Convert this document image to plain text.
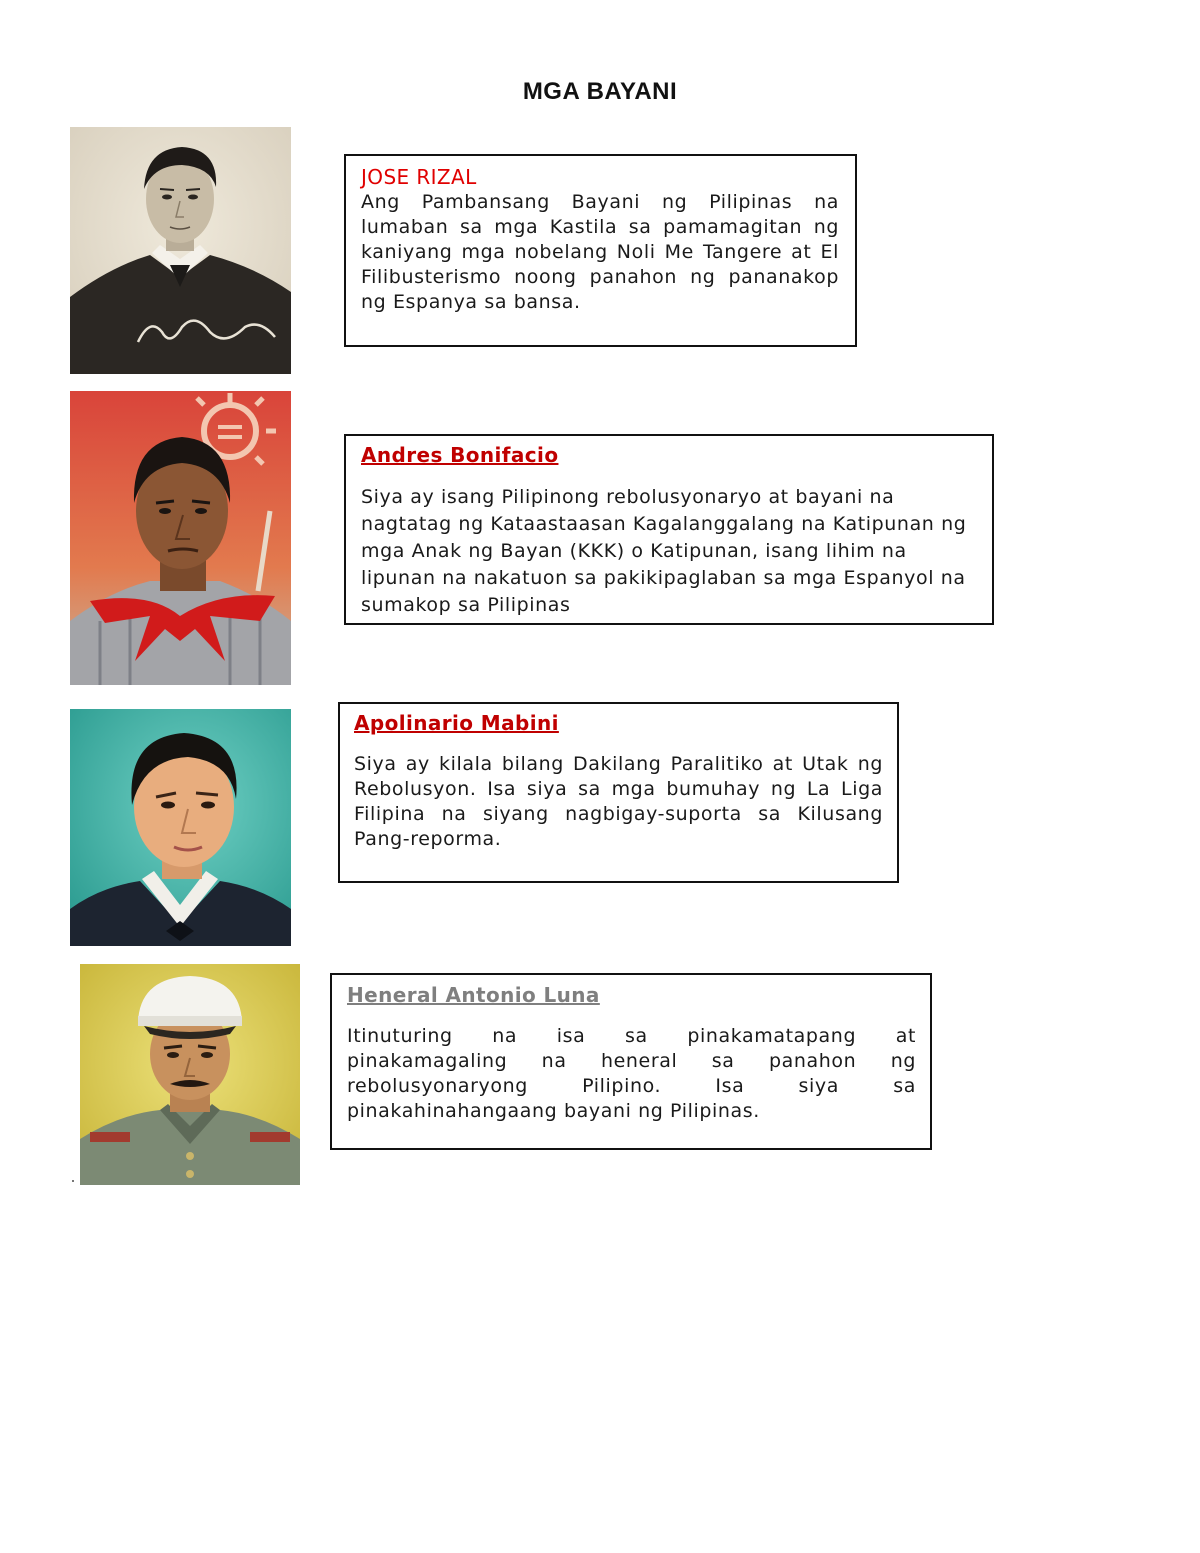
MGA BAYANI

JOSE RIZAL

Ang Pambansang Bayani ng Pilipinas na lumaban sa mga Kastila sa pamamagitan ng kaniyang mga nobelang Noli Me Tangere at El Filibusterismo noong panahon ng pananakop ng Espanya sa bansa.

Andres Bonifacio

Siya ay isang Pilipinong rebolusyonaryo at bayani na nagtatag ng Kataastaasan Kagalanggalang na Katipunan ng mga Anak ng Bayan (KKK) o Katipunan, isang lihim na lipunan na nakatuon sa pakikipaglaban sa mga Espanyol na sumakop sa Pilipinas

Apolinario Mabini

Siya ay kilala bilang Dakilang Paralitiko at Utak ng Rebolusyon. Isa siya sa mga bumuhay ng La Liga Filipina na siyang nagbigay-suporta sa Kilusang Pang-reporma.

Heneral Antonio Luna

Itinuturing na isa sa pinakamatapang at pinakamagaling na heneral sa panahon ng rebolusyonaryong Pilipino. Isa siya sa pinakahinahangaang bayani ng Pilipinas.
